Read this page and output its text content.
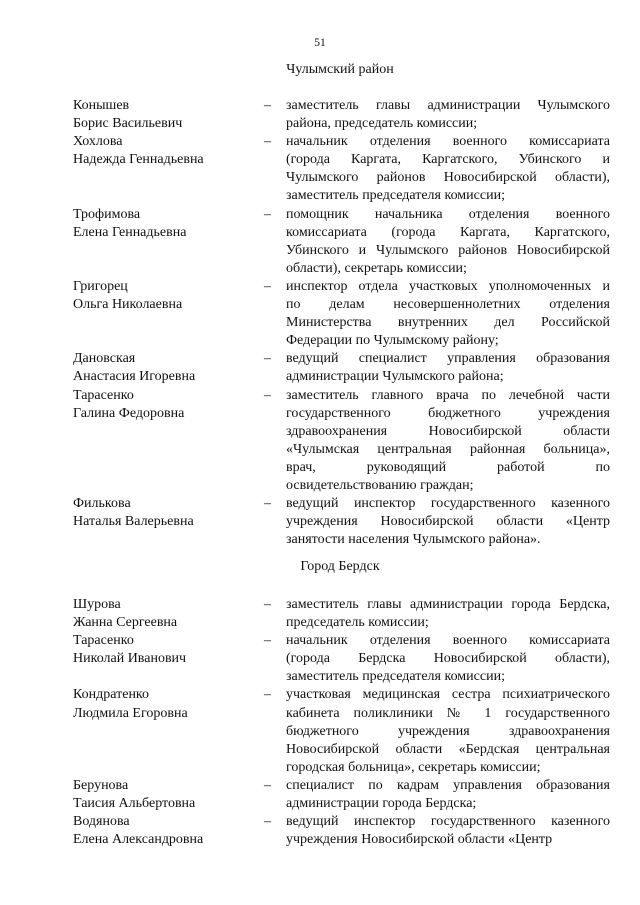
51
Чулымский район
Конышев
Борис Васильевич
– заместитель главы администрации Чулымского
района, председатель комиссии;
Хохлова
Надежда Геннадьевна
– начальник отделения военного комиссариата
(города Каргата, Каргатского, Убинского и
Чулымского районов Новосибирской области),
заместитель председателя комиссии;
Трофимова
Елена Геннадьевна
– помощник начальника отделения военного
комиссариата (города Каргата, Каргатского,
Убинского и Чулымского районов Новосибирской
области), секретарь комиссии;
Григорец
Ольга Николаевна
– инспектор отдела участковых уполномоченных и
по делам несовершеннолетних отделения
Министерства внутренних дел Российской
Федерации по Чулымскому району;
Дановская
Анастасия Игоревна
– ведущий специалист управления образования
администрации Чулымского района;
Тарасенко
Галина Федоровна
– заместитель главного врача по лечебной части
государственного бюджетного учреждения
здравоохранения Новосибирской области
«Чулымская центральная районная больница»,
врач, руководящий работой по
освидетельствованию граждан;
Филькова
Наталья Валерьевна
– ведущий инспектор государственного казенного
учреждения Новосибирской области «Центр
занятости населения Чулымского района».
Город Бердск
Шурова
Жанна Сергеевна
– заместитель главы администрации города Бердска,
председатель комиссии;
Тарасенко
Николай Иванович
– начальник отделения военного комиссариата
(города Бердска Новосибирской области),
заместитель председателя комиссии;
Кондратенко
Людмила Егоровна
– участковая медицинская сестра психиатрического
кабинета поликлиники № 1 государственного
бюджетного учреждения здравоохранения
Новосибирской области «Бердская центральная
городская больница», секретарь комиссии;
Берунова
Таисия Альбертовна
– специалист по кадрам управления образования
администрации города Бердска;
Водянова
Елена Александровна
– ведущий инспектор государственного казенного
учреждения Новосибирской области «Центр
